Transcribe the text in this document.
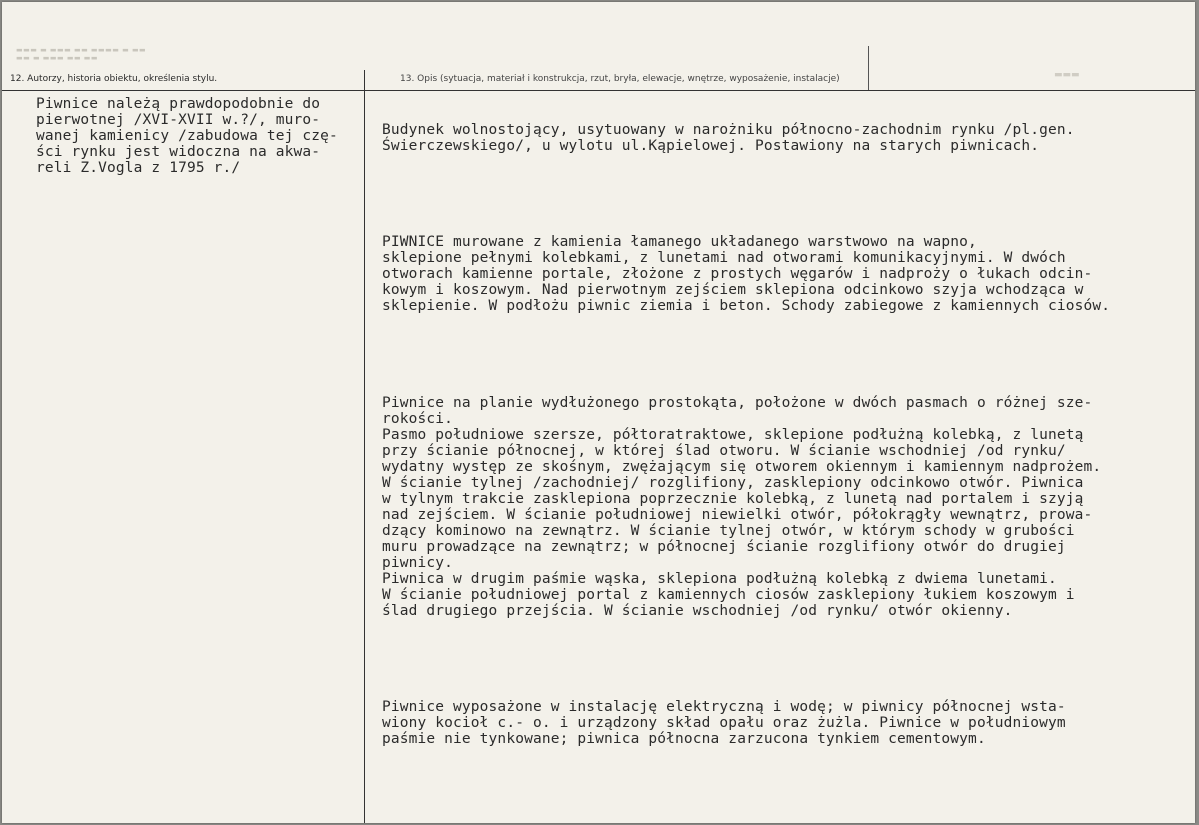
▬▬▬ ▬ ▬▬▬ ▬▬ ▬▬▬▬ ▬ ▬▬
▬▬ ▬ ▬▬▬ ▬▬ ▬▬
▬▬▬
12. Autorzy, historia obiektu, określenia stylu.	13. Opis (sytuacja, materiał i konstrukcja, rzut, bryła, elewacje, wnętrze, wyposażenie, instalacje)
Piwnice należą prawdopodobnie do
pierwotnej /XVI-XVII w.?/, muro-
wanej kamienicy /zabudowa tej czę-
ści rynku jest widoczna na akwa-
reli Z.Vogla z 1795 r./

Budynek wolnostojący, usytuowany w narożniku północno-zachodnim rynku /pl.gen.
Świerczewskiego/, u wylotu ul.Kąpielowej. Postawiony na starych piwnicach.

PIWNICE murowane z kamienia łamanego układanego warstwowo na wapno,
sklepione pełnymi kolebkami, z lunetami nad otworami komunikacyjnymi. W dwóch
otworach kamienne portale, złożone z prostych węgarów i nadproży o łukach odcin-
kowym i koszowym. Nad pierwotnym zejściem sklepiona odcinkowo szyja wchodząca w
sklepienie. W podłożu piwnic ziemia i beton. Schody zabiegowe z kamiennych ciosów.

Piwnice na planie wydłużonego prostokąta, położone w dwóch pasmach o różnej sze-
rokości.
Pasmo południowe szersze, półtoratraktowe, sklepione podłużną kolebką, z lunetą
przy ścianie północnej, w której ślad otworu. W ścianie wschodniej /od rynku/
wydatny występ ze skośnym, zwężającym się otworem okiennym i kamiennym nadprożem.
W ścianie tylnej /zachodniej/ rozglifiony, zasklepiony odcinkowo otwór. Piwnica
w tylnym trakcie zasklepiona poprzecznie kolebką, z lunetą nad portalem i szyją
nad zejściem. W ścianie południowej niewielki otwór, półokrągły wewnątrz, prowa-
dzący kominowo na zewnątrz. W ścianie tylnej otwór, w którym schody w grubości
muru prowadzące na zewnątrz; w północnej ścianie rozglifiony otwór do drugiej
piwnicy.
Piwnica w drugim paśmie wąska, sklepiona podłużną kolebką z dwiema lunetami.
W ścianie południowej portal z kamiennych ciosów zasklepiony łukiem koszowym i
ślad drugiego przejścia. W ścianie wschodniej /od rynku/ otwór okienny.

Piwnice wyposażone w instalację elektryczną i wodę; w piwnicy północnej wsta-
wiony kocioł c.- o. i urządzony skład opału oraz żużla. Piwnice w południowym
paśmie nie tynkowane; piwnica północna zarzucona tynkiem cementowym.
